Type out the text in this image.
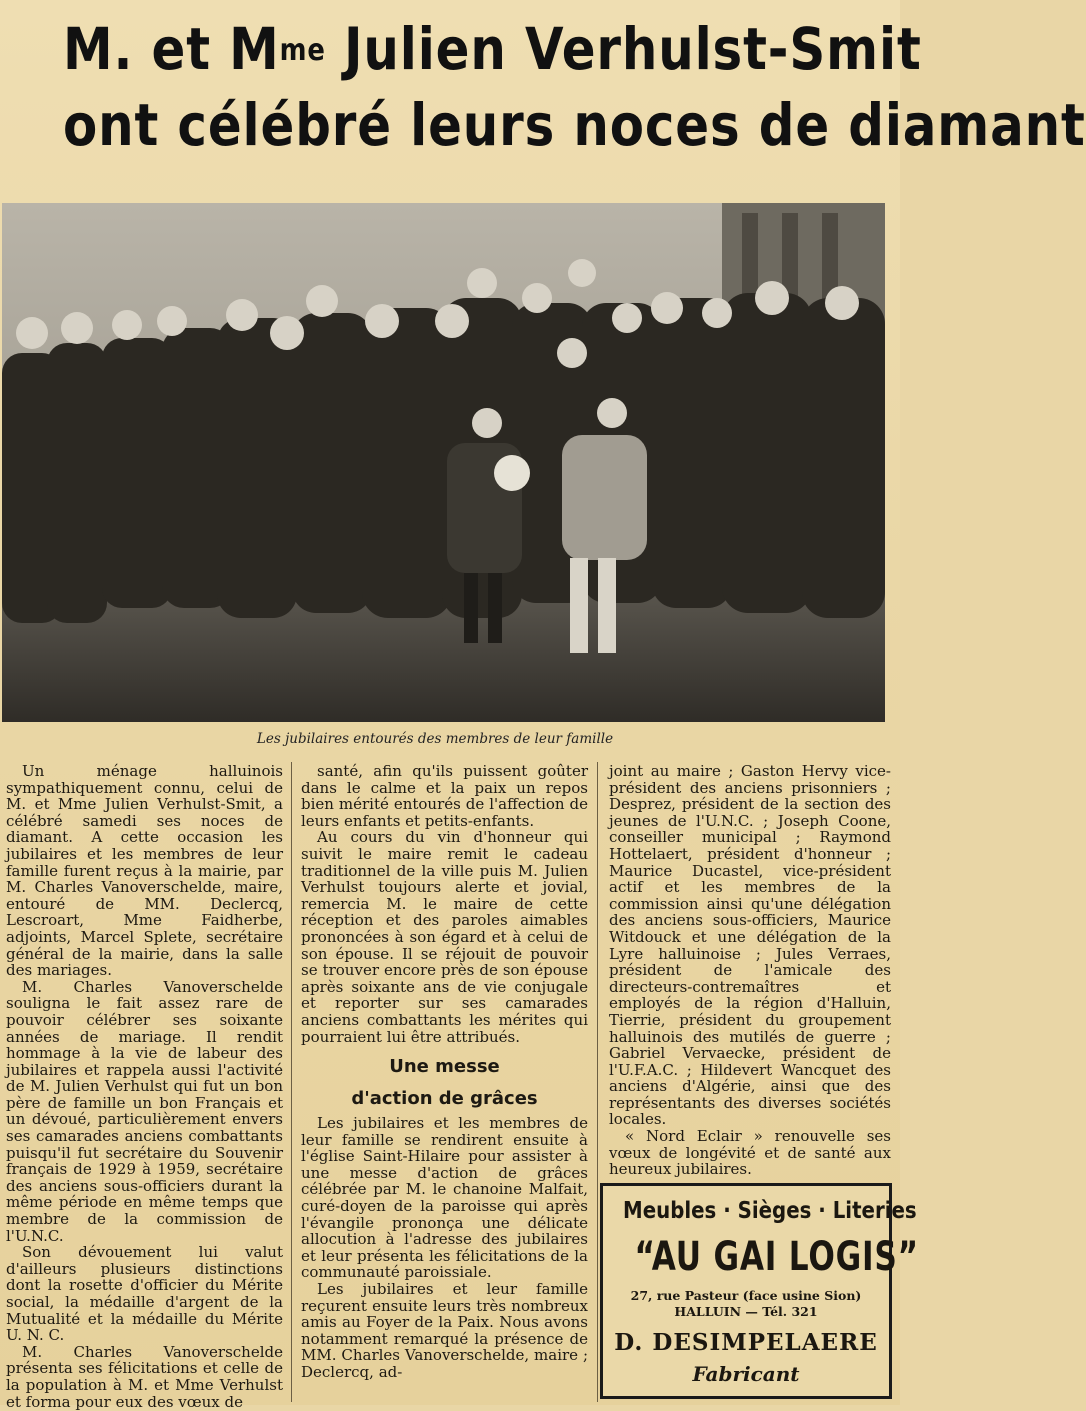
M. et $M^{me}$ Julien Verhulst-Smit
ont célébré leurs noces de diamant
Les jubilaires entourés des membres de leur famille

Un ménage halluinois sympathiquement connu, celui de M. et Mme Julien Verhulst-Smit, a célébré samedi ses noces de diamant. A cette occasion les jubilaires et les membres de leur famille furent reçus à la mairie, par M. Charles Vanoverschelde, maire, entouré de MM. Declercq, Lescroart, Mme Faidherbe, adjoints, Marcel Splete, secrétaire général de la mairie, dans la salle des mariages.

M. Charles Vanoverschelde souligna le fait assez rare de pouvoir célébrer ses soixante années de mariage. Il rendit hommage à la vie de labeur des jubilaires et rappela aussi l'activité de M. Julien Verhulst qui fut un bon père de famille un bon Français et un dévoué, particulièrement envers ses camarades anciens combattants puisqu'il fut secrétaire du Souvenir français de 1929 à 1959, secrétaire des anciens sous-officiers durant la même période en même temps que membre de la commission de l'U.N.C.

Son dévouement lui valut d'ailleurs plusieurs distinctions dont la rosette d'officier du Mérite social, la médaille d'argent de la Mutualité et la médaille du Mérite U. N. C.

M. Charles Vanoverschelde présenta ses félicitations et celle de la population à M. et Mme Verhulst et forma pour eux des vœux de

santé, afin qu'ils puissent goûter dans le calme et la paix un repos bien mérité entourés de l'affection de leurs enfants et petits-enfants.

Au cours du vin d'honneur qui suivit le maire remit le cadeau traditionnel de la ville puis M. Julien Verhulst toujours alerte et jovial, remercia M. le maire de cette réception et des paroles aimables prononcées à son égard et à celui de son épouse. Il se réjouit de pouvoir se trouver encore près de son épouse après soixante ans de vie conjugale et reporter sur ses camarades anciens combattants les mérites qui pourraient lui être attribués.

Une messe

d'action de grâces

Les jubilaires et les membres de leur famille se rendirent ensuite à l'église Saint-Hilaire pour assister à une messe d'action de grâces célébrée par M. le chanoine Malfait, curé-doyen de la paroisse qui après l'évangile prononça une délicate allocution à l'adresse des jubilaires et leur présenta les félicitations de la communauté paroissiale.

Les jubilaires et leur famille reçurent ensuite leurs très nombreux amis au Foyer de la Paix. Nous avons notamment remarqué la présence de MM. Charles Vanoverschelde, maire ; Declercq, ad-

joint au maire ; Gaston Hervy vice-président des anciens prisonniers ; Desprez, président de la section des jeunes de l'U.N.C. ; Joseph Coone, conseiller municipal ; Raymond Hottelaert, président d'honneur ; Maurice Ducastel, vice-président actif et les membres de la commission ainsi qu'une délégation des anciens sous-officiers, Maurice Witdouck et une délégation de la Lyre halluinoise ; Jules Verraes, président de l'amicale des directeurs-contremaîtres et employés de la région d'Halluin, Tierrie, président du groupement halluinois des mutilés de guerre ; Gabriel Vervaecke, président de l'U.F.A.C. ; Hildevert Wancquet des anciens d'Algérie, ainsi que des représentants des diverses sociétés locales.

« Nord Eclair » renouvelle ses vœux de longévité et de santé aux heureux jubilaires.

Meubles · Sièges · Literies
“AU GAI LOGIS”
27, rue Pasteur (face usine Sion)
HALLUIN — Tél. 321
D. DESIMPELAERE
Fabricant
